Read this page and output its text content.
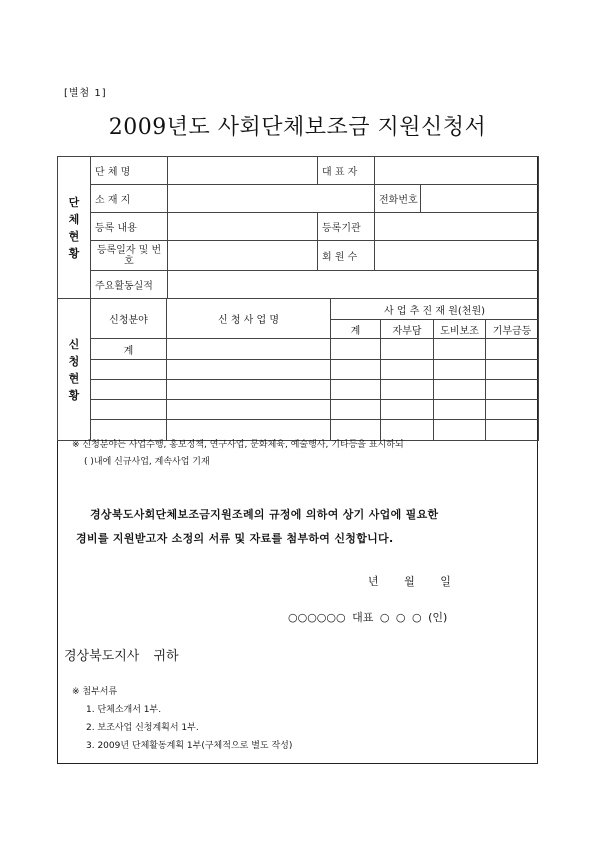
[별첨 1]
2009년도 사회단체보조금 지원신청서
단
체
현
황	단 체 명		대 표 자		
	소 재 지			전화번호	
	등록 내용		등록기관		
	등록일자 및 번호		회 원 수		
	주요활동실적				
신
청
현
황	신청분야	신 청 사 업 명	사 업 추 진 재 원(천원)			
			계	자부담	도비보조	기부금등
	계					

※ 신청분야는 사업수행, 홍보정책, 연구사업, 문화체육, 예술행사, 기타등을 표시하되
( )내에 신규사업, 계속사업 기재
경상북도사회단체보조금지원조례의 규정에 의하여 상기 사업에 필요한
경비를 지원받고자 소정의 서류 및 자료를 첨부하여 신청합니다.
년 월 일
○○○○○○ 대표 ○ ○ ○ (인)
경상북도지사 귀하
※ 첨부서류
1. 단체소개서 1부.
2. 보조사업 신청계획서 1부.
3. 2009년 단체활동계획 1부(구체적으로 별도 작성)
